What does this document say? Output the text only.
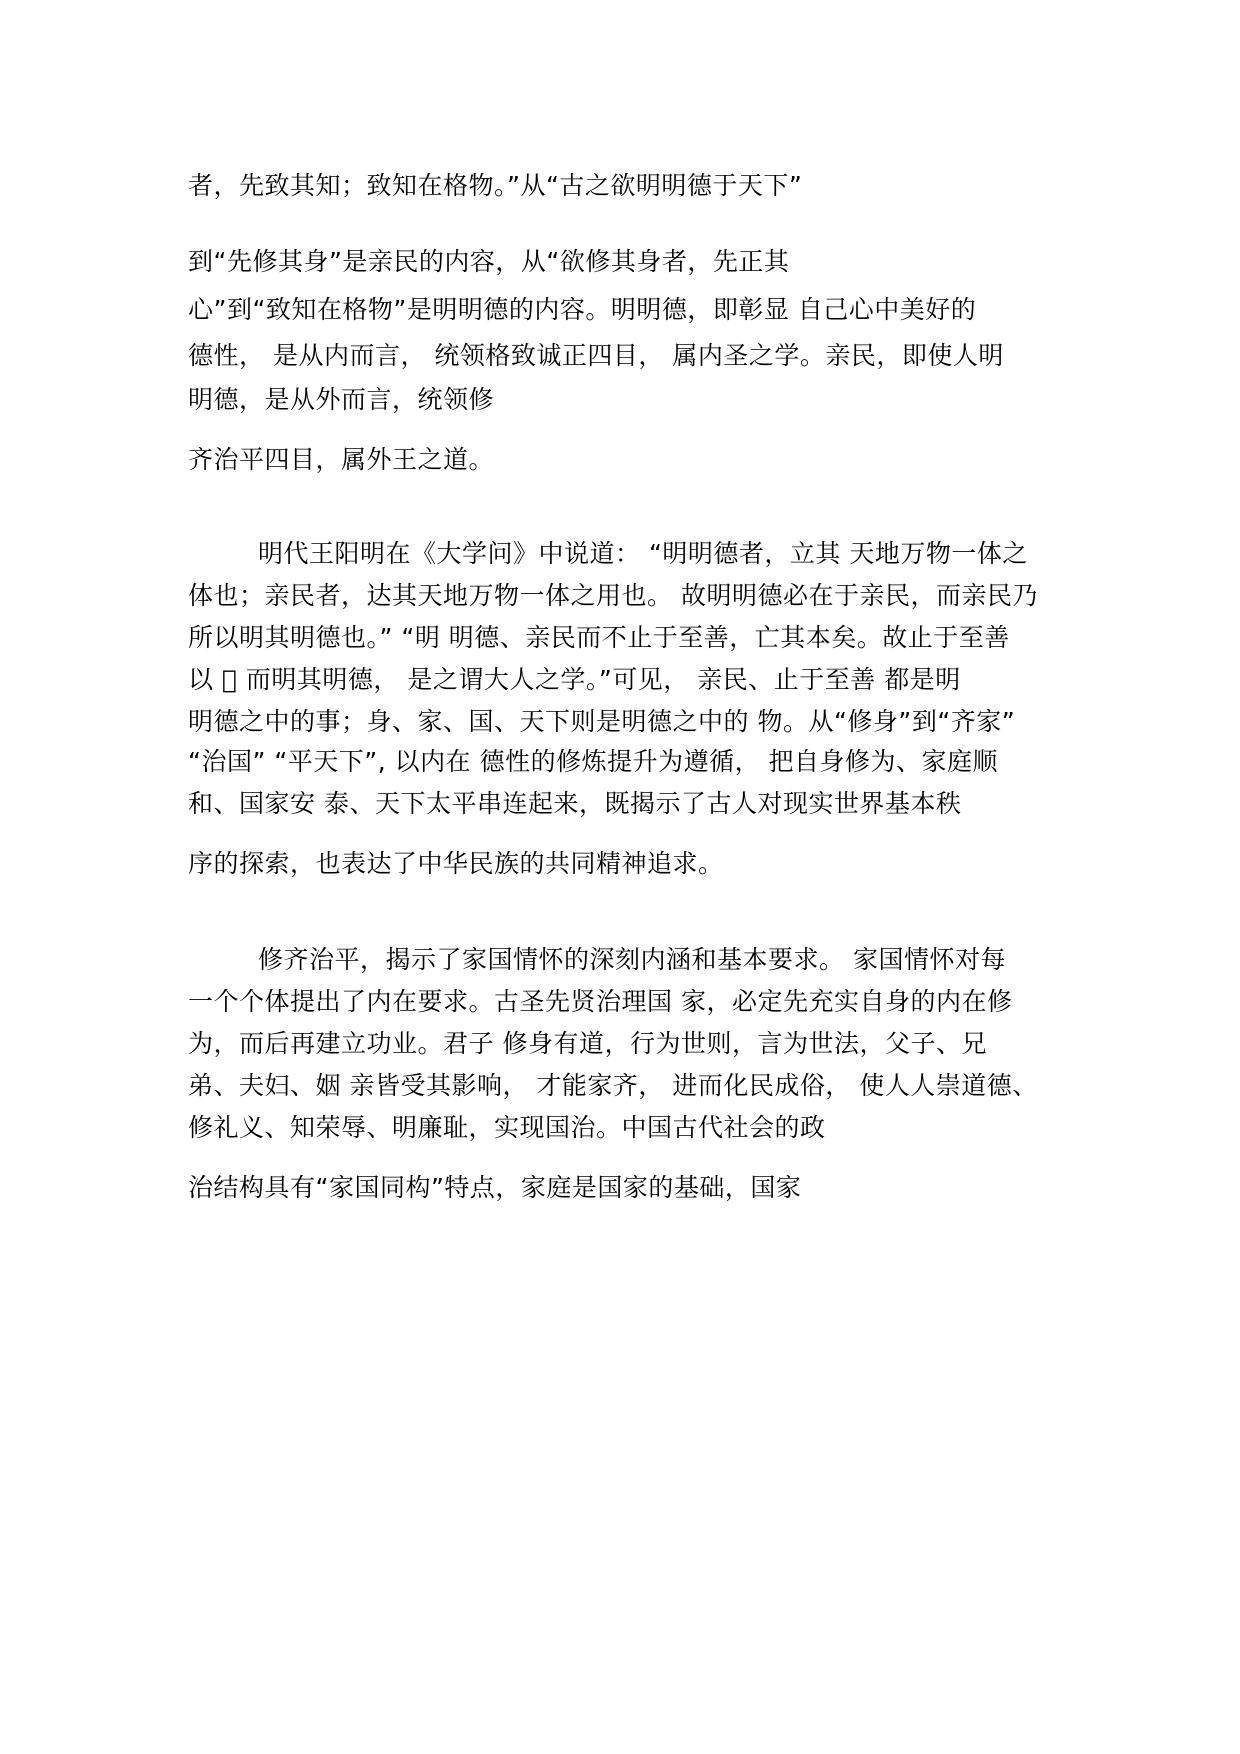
者，先致其知；致知在格物。”从“古之欲明明德于天下”
到“先修其身”是亲民的内容，从“欲修其身者，先正其
心”到“致知在格物”是明明德的内容。明明德，即彰显 自己心中美好的
德性， 是从内而言， 统领格致诚正四目， 属内圣之学。亲民，即使人明
明德，是从外而言，统领修
齐治平四目，属外王之道。
明代王阳明在《大学问》中说道： “明明德者，立其 天地万物一体之
体也；亲民者，达其天地万物一体之用也。 故明明德必在于亲民，而亲民乃
所以明其明德也。” “明 明德、亲民而不止于至善，亡其本矣。故止于至善
以 􀀀 而明其明德， 是之谓大人之学。”可见， 亲民、止于至善 都是明
明德之中的事；身、家、国、天下则是明德之中的 物。从“修身”到“齐家”
“治国” “平天下”, 以内在 德性的修炼提升为遵循， 把自身修为、家庭顺
和、国家安 泰、天下太平串连起来，既揭示了古人对现实世界基本秩
序的探索，也表达了中华民族的共同精神追求。
修齐治平，揭示了家国情怀的深刻内涵和基本要求。 家国情怀对每
一个个体提出了内在要求。古圣先贤治理国 家，必定先充实自身的内在修
为，而后再建立功业。君子 修身有道，行为世则，言为世法，父子、兄
弟、夫妇、姻 亲皆受其影响， 才能家齐， 进而化民成俗， 使人人崇道德、
修礼义、知荣辱、明廉耻，实现国治。中国古代社会的政
治结构具有“家国同构”特点，家庭是国家的基础，国家
